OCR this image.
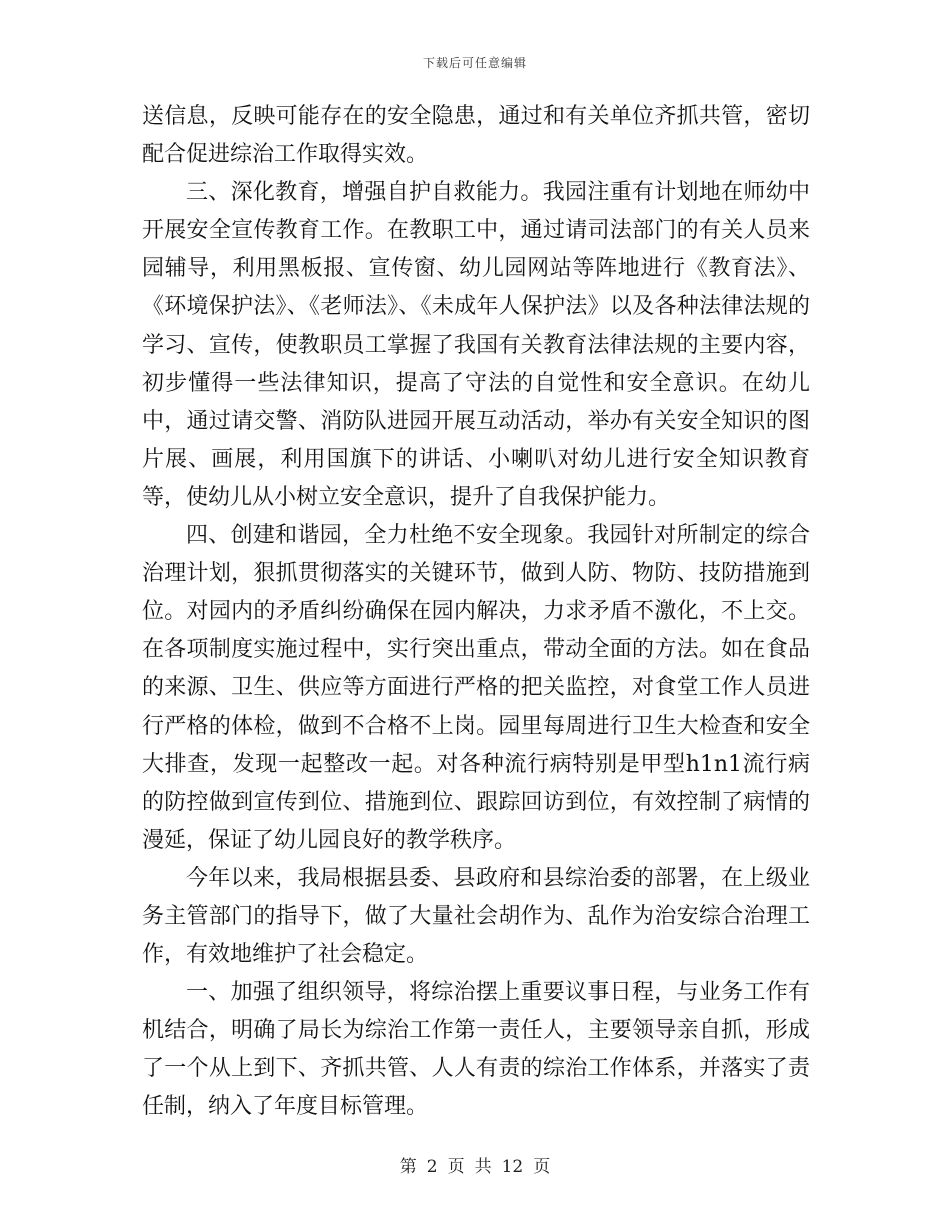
下载后可任意编辑

送信息，反映可能存在的安全隐患，通过和有关单位齐抓共管，密切配合促进综治工作取得实效。

三、深化教育，增强自护自救能力。我园注重有计划地在师幼中开展安全宣传教育工作。在教职工中，通过请司法部门的有关人员来园辅导，利用黑板报、宣传窗、幼儿园网站等阵地进行《教育法》、《环境保护法》、《老师法》、《未成年人保护法》以及各种法律法规的学习、宣传，使教职员工掌握了我国有关教育法律法规的主要内容，初步懂得一些法律知识，提高了守法的自觉性和安全意识。在幼儿中，通过请交警、消防队进园开展互动活动，举办有关安全知识的图片展、画展，利用国旗下的讲话、小喇叭对幼儿进行安全知识教育等，使幼儿从小树立安全意识，提升了自我保护能力。

四、创建和谐园，全力杜绝不安全现象。我园针对所制定的综合治理计划，狠抓贯彻落实的关键环节，做到人防、物防、技防措施到位。对园内的矛盾纠纷确保在园内解决，力求矛盾不激化，不上交。在各项制度实施过程中，实行突出重点，带动全面的方法。如在食品的来源、卫生、供应等方面进行严格的把关监控，对食堂工作人员进行严格的体检，做到不合格不上岗。园里每周进行卫生大检查和安全大排查，发现一起整改一起。对各种流行病特别是甲型h1n1流行病的防控做到宣传到位、措施到位、跟踪回访到位，有效控制了病情的漫延，保证了幼儿园良好的教学秩序。

今年以来，我局根据县委、县政府和县综治委的部署，在上级业务主管部门的指导下，做了大量社会胡作为、乱作为治安综合治理工作，有效地维护了社会稳定。

一、加强了组织领导，将综治摆上重要议事日程，与业务工作有机结合，明确了局长为综治工作第一责任人，主要领导亲自抓，形成了一个从上到下、齐抓共管、人人有责的综治工作体系，并落实了责任制，纳入了年度目标管理。

第 2 页 共 12 页
